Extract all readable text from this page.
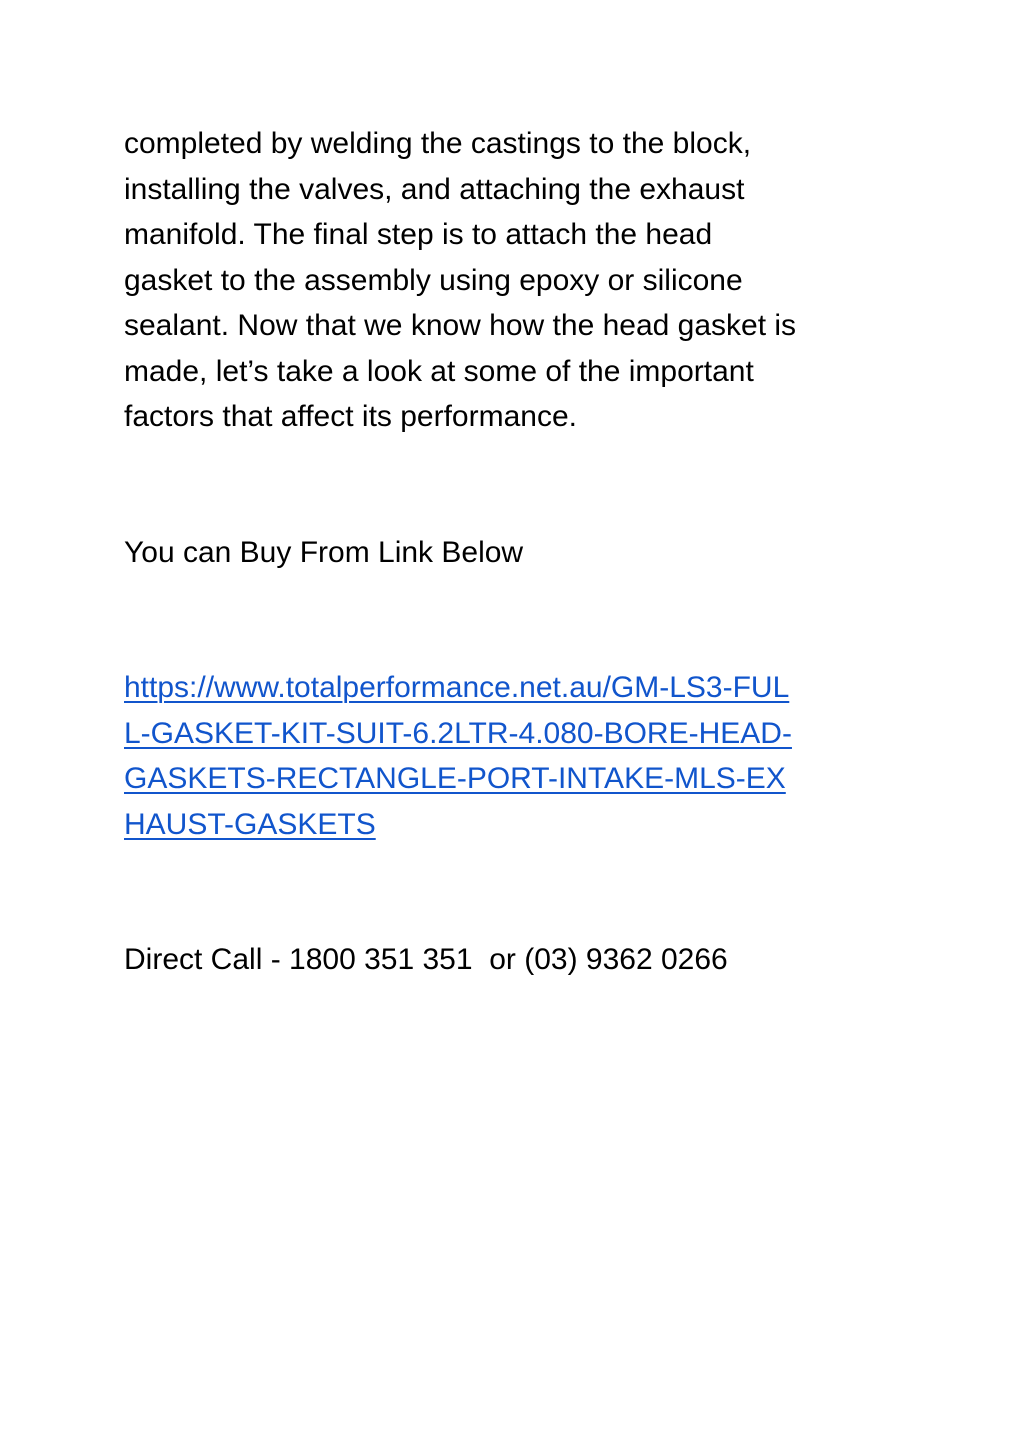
completed by welding the castings to the block,
installing the valves, and attaching the exhaust
manifold. The final step is to attach the head
gasket to the assembly using epoxy or silicone
sealant. Now that we know how the head gasket is
made, let’s take a look at some of the important
factors that affect its performance.

You can Buy From Link Below

https://www.totalperformance.net.au/GM-LS3-FUL
L-GASKET-KIT-SUIT-6.2LTR-4.080-BORE-HEAD-
GASKETS-RECTANGLE-PORT-INTAKE-MLS-EX
HAUST-GASKETS

Direct Call - 1800 351 351  or (03) 9362 0266
